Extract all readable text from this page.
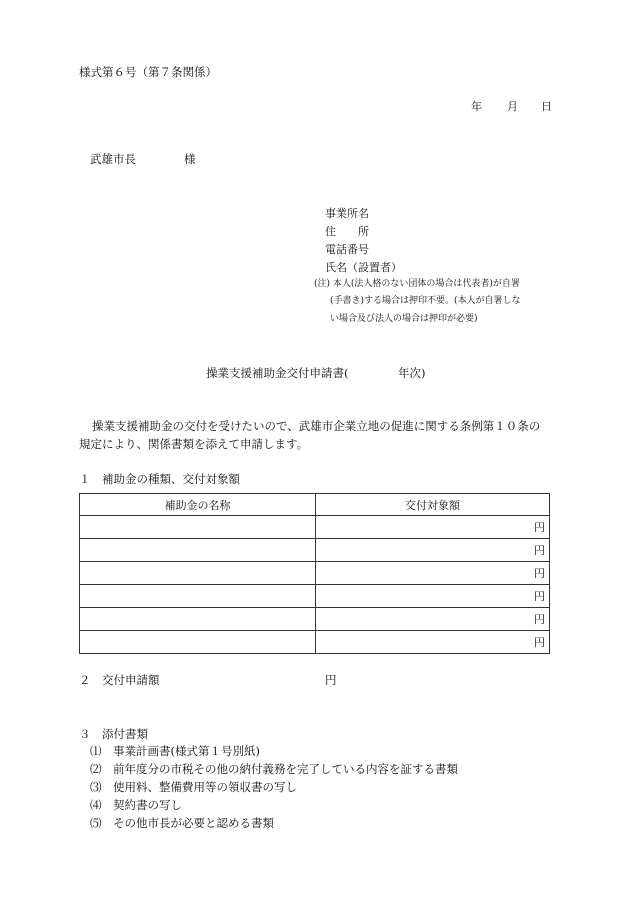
様式第６号（第７条関係）
年 月 日
武雄市長	様
事業所名
住　　所
電話番号
氏名（設置者）
(注) 本人(法人格のない団体の場合は代表者)が自署
(手書き)する場合は押印不要。(本人が自署しな
い場合及び法人の場合は押印が必要)
操業支援補助金交付申請書(	年次)
操業支援補助金の交付を受けたいので、武雄市企業立地の促進に関する条例第１０条の
規定により、関係書類を添えて申請します。
１　補助金の種類、交付対象額
補助金の名称	交付対象額
	円
	円
	円
	円
	円
	円
２　交付申請額	円
３　添付書類
⑴　事業計画書(様式第１号別紙)
⑵　前年度分の市税その他の納付義務を完了している内容を証する書類
⑶　使用料、整備費用等の領収書の写し
⑷　契約書の写し
⑸　その他市長が必要と認める書類
